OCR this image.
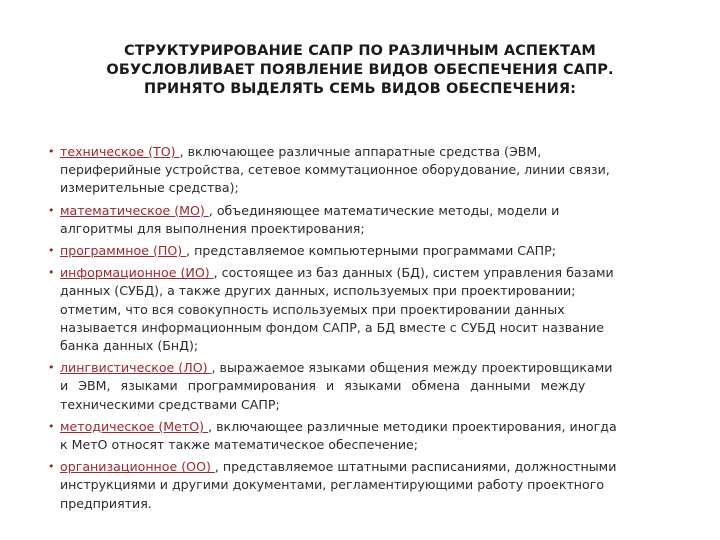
СТРУКТУРИРОВАНИЕ САПР ПО РАЗЛИЧНЫМ АСПЕКТАМ
ОБУСЛОВЛИВАЕТ ПОЯВЛЕНИЕ ВИДОВ ОБЕСПЕЧЕНИЯ САПР.
ПРИНЯТО ВЫДЕЛЯТЬ СЕМЬ ВИДОВ ОБЕСПЕЧЕНИЯ:
• техническое (ТО) , включающее различные аппаратные средства (ЭВМ,
периферийные устройства, сетевое коммутационное оборудование, линии связи,
измерительные средства);
• математическое (МО) , объединяющее математические методы, модели и
алгоритмы для выполнения проектирования;
• программное (ПО) , представляемое компьютерными программами САПР;
• информационное (ИО) , состоящее из баз данных (БД), систем управления базами
данных (СУБД), а также других данных, используемых при проектировании;
отметим, что вся совокупность используемых при проектировании данных
называется информационным фондом САПР, а БД вместе с СУБД носит название
банка данных (БнД);
• лингвистическое (ЛО) , выражаемое языками общения между проектировщиками
и ЭВМ, языками программирования и языками обмена данными между
техническими средствами САПР;
• методическое (МетО) , включающее различные методики проектирования, иногда
к МетО относят также математическое обеспечение;
• организационное (ОО) , представляемое штатными расписаниями, должностными
инструкциями и другими документами, регламентирующими работу проектного
предприятия.
